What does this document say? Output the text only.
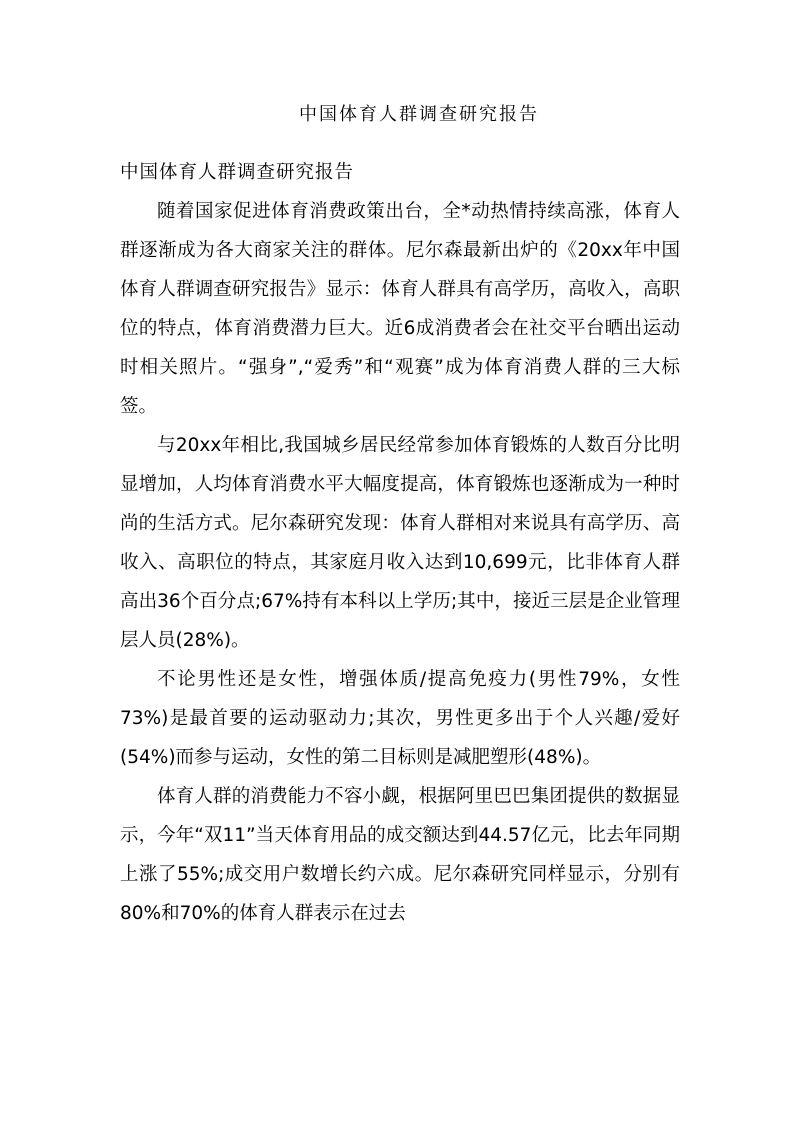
中国体育人群调查研究报告

中国体育人群调查研究报告

随着国家促进体育消费政策出台，全*动热情持续高涨，体育人群逐渐成为各大商家关注的群体。尼尔森最新出炉的《20xx年中国体育人群调查研究报告》显示：体育人群具有高学历，高收入，高职位的特点，体育消费潜力巨大。近6成消费者会在社交平台晒出运动时相关照片。“强身”,“爱秀”和“观赛”成为体育消费人群的三大标签。

与20xx年相比,我国城乡居民经常参加体育锻炼的人数百分比明显增加，人均体育消费水平大幅度提高，体育锻炼也逐渐成为一种时尚的生活方式。尼尔森研究发现：体育人群相对来说具有高学历、高收入、高职位的特点，其家庭月收入达到10,699元，比非体育人群高出36个百分点;67%持有本科以上学历;其中，接近三层是企业管理层人员(28%)。

不论男性还是女性，增强体质/提高免疫力(男性79%，女性73%)是最首要的运动驱动力;其次，男性更多出于个人兴趣/爱好(54%)而参与运动，女性的第二目标则是减肥塑形(48%)。

体育人群的消费能力不容小觑，根据阿里巴巴集团提供的数据显示，今年“双11”当天体育用品的成交额达到44.57亿元，比去年同期上涨了55%;成交用户数增长约六成。尼尔森研究同样显示，分别有80%和70%的体育人群表示在过去
